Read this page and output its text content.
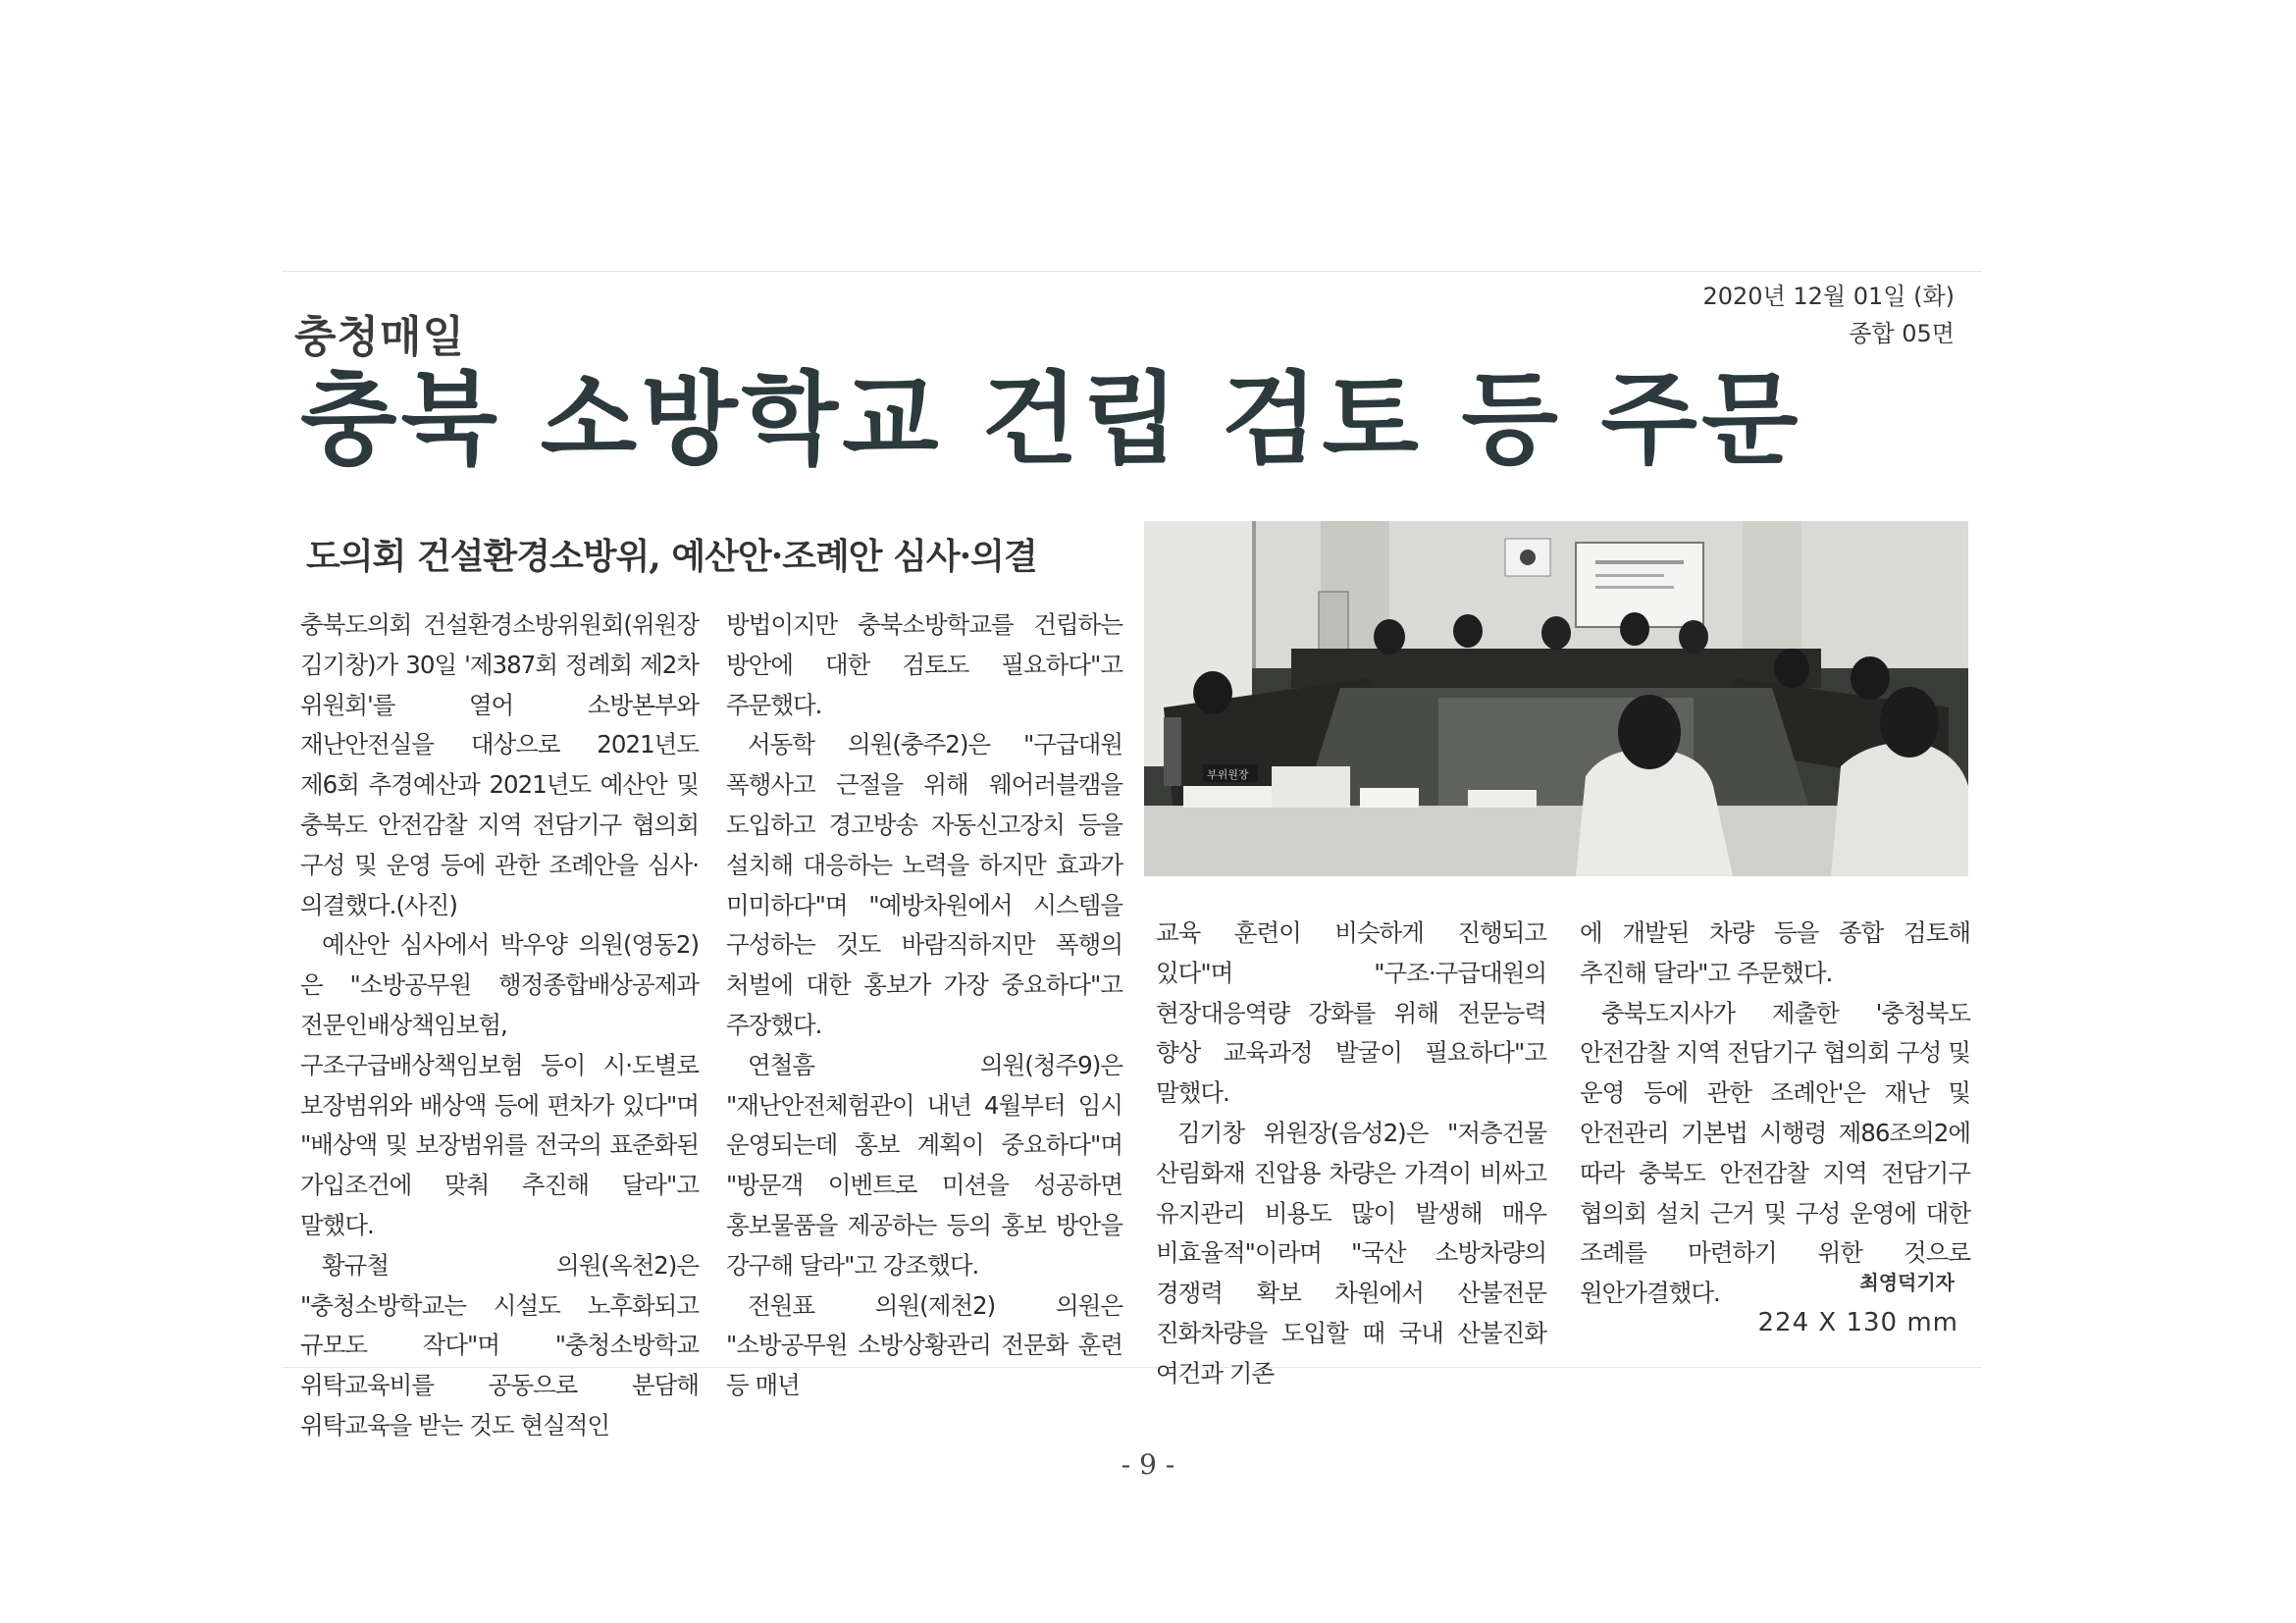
2020년 12월 01일 (화)
종합 05면
충청매일
충북 소방학교 건립 검토 등 주문
도의회 건설환경소방위, 예산안·조례안 심사·의결
부위원장

충북도의회 건설환경소방위원회(위원장 김기창)가 30일 '제387회 정례회 제2차 위원회'를 열어 소방본부와 재난안전실을 대상으로 2021년도 제6회 추경예산과 2021년도 예산안 및 충북도 안전감찰 지역 전담기구 협의회 구성 및 운영 등에 관한 조례안을 심사·의결했다.(사진)

예산안 심사에서 박우양 의원(영동2)은 "소방공무원 행정종합배상공제과 전문인배상책임보험, 구조구급배상책임보험 등이 시·도별로 보장범위와 배상액 등에 편차가 있다"며 "배상액 및 보장범위를 전국의 표준화된 가입조건에 맞춰 추진해 달라"고 말했다.

황규철 의원(옥천2)은 "충청소방학교는 시설도 노후화되고 규모도 작다"며 "충청소방학교 위탁교육비를 공동으로 분담해 위탁교육을 받는 것도 현실적인

방법이지만 충북소방학교를 건립하는 방안에 대한 검토도 필요하다"고 주문했다.

서동학 의원(충주2)은 "구급대원 폭행사고 근절을 위해 웨어러블캠을 도입하고 경고방송 자동신고장치 등을 설치해 대응하는 노력을 하지만 효과가 미미하다"며 "예방차원에서 시스템을 구성하는 것도 바람직하지만 폭행의 처벌에 대한 홍보가 가장 중요하다"고 주장했다.

연철흠 의원(청주9)은 "재난안전체험관이 내년 4월부터 임시 운영되는데 홍보 계획이 중요하다"며 "방문객 이벤트로 미션을 성공하면 홍보물품을 제공하는 등의 홍보 방안을 강구해 달라"고 강조했다.

전원표 의원(제천2) 의원은 "소방공무원 소방상황관리 전문화 훈련 등 매년

교육 훈련이 비슷하게 진행되고 있다"며 "구조·구급대원의 현장대응역량 강화를 위해 전문능력 향상 교육과정 발굴이 필요하다"고 말했다.

김기창 위원장(음성2)은 "저층건물 산림화재 진압용 차량은 가격이 비싸고 유지관리 비용도 많이 발생해 매우 비효율적"이라며 "국산 소방차량의 경쟁력 확보 차원에서 산불전문 진화차량을 도입할 때 국내 산불진화 여건과 기존

에 개발된 차량 등을 종합 검토해 추진해 달라"고 주문했다.

충북도지사가 제출한 '충청북도 안전감찰 지역 전담기구 협의회 구성 및 운영 등에 관한 조례안'은 재난 및 안전관리 기본법 시행령 제86조의2에 따라 충북도 안전감찰 지역 전담기구 협의회 설치 근거 및 구성 운영에 대한 조례를 마련하기 위한 것으로 원안가결했다.	최영덕기자
224 X 130 mm
- 9 -
